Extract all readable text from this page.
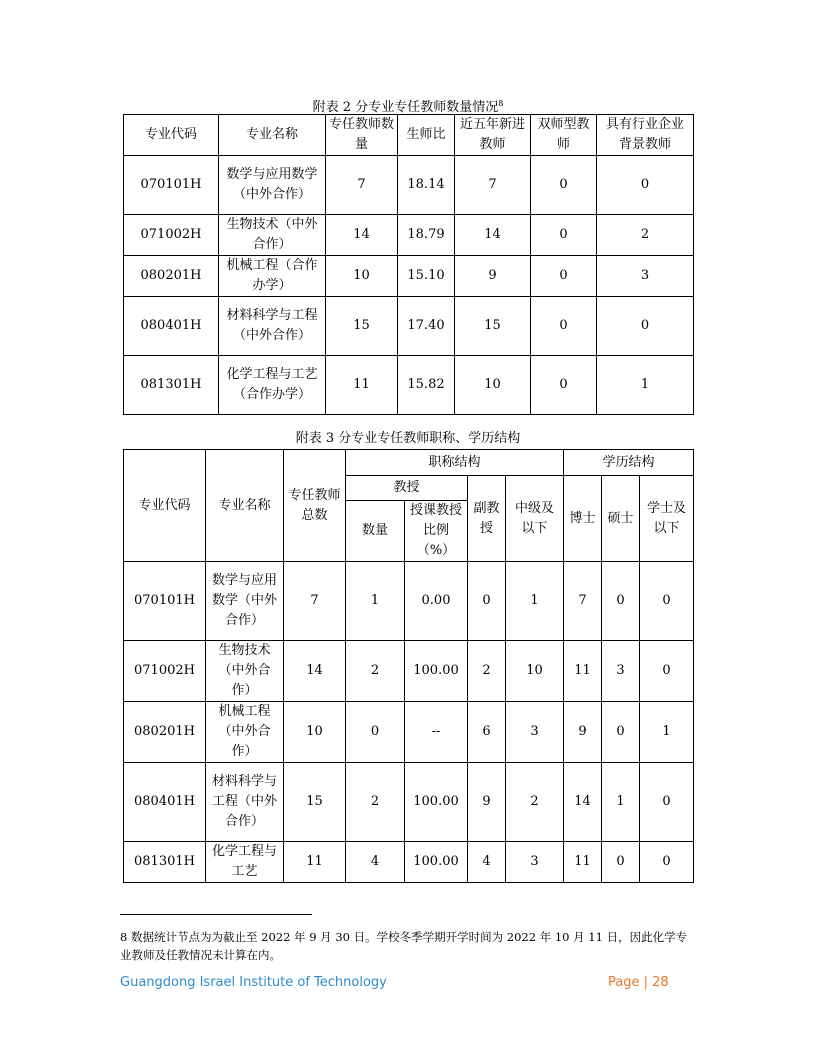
附表 2 分专业专任教师数量情况$^8$
专业代码	专业名称	专任教师数量	生师比	近五年新进教师	双师型教师	具有行业企业背景教师
070101H	数学与应用数学（中外合作）	7	18.14	7	0	0
071002H	生物技术（中外合作）	14	18.79	14	0	2
080201H	机械工程（合作办学）	10	15.10	9	0	3
080401H	材料科学与工程（中外合作）	15	17.40	15	0	0
081301H	化学工程与工艺（合作办学）	11	15.82	10	0	1
附表 3 分专业专任教师职称、学历结构
专业代码	专业名称	专任教师总数	职称结构				学历结构		
			教授		副教授	中级及以下	博士	硕士	学士及以下
			数量	授课教授比例（%）					
070101H	数学与应用数学（中外合作）	7	1	0.00	0	1	7	0	0
071002H	生物技术（中外合作）	14	2	100.00	2	10	11	3	0
080201H	机械工程（中外合作）	10	0	--	6	3	9	0	1
080401H	材料科学与工程（中外合作）	15	2	100.00	9	2	14	1	0
081301H	化学工程与工艺	11	4	100.00	4	3	11	0	0
8 数据统计节点为为截止至 2022 年 9 月 30 日。学校冬季学期开学时间为 2022 年 10 月 11 日，因此化学专业教师及任教情况未计算在内。
Guangdong Israel Institute of Technology	Page | 28
